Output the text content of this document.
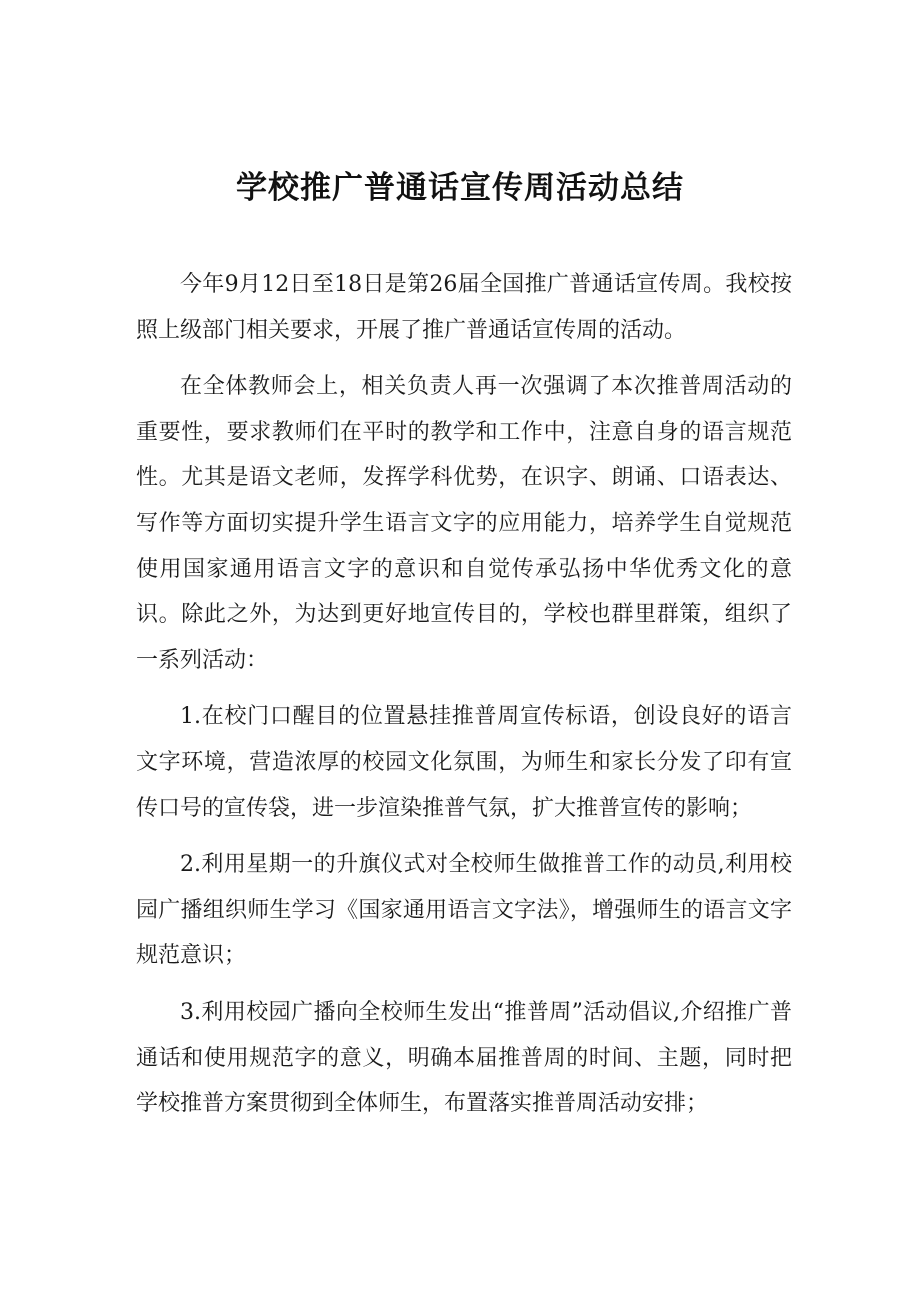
学校推广普通话宣传周活动总结

今年9月12日至18日是第26届全国推广普通话宣传周。我校按照上级部门相关要求，开展了推广普通话宣传周的活动。

在全体教师会上，相关负责人再一次强调了本次推普周活动的重要性，要求教师们在平时的教学和工作中，注意自身的语言规范性。尤其是语文老师，发挥学科优势，在识字、朗诵、口语表达、写作等方面切实提升学生语言文字的应用能力，培养学生自觉规范使用国家通用语言文字的意识和自觉传承弘扬中华优秀文化的意识。除此之外，为达到更好地宣传目的，学校也群里群策，组织了一系列活动：

1.在校门口醒目的位置悬挂推普周宣传标语，创设良好的语言文字环境，营造浓厚的校园文化氛围，为师生和家长分发了印有宣传口号的宣传袋，进一步渲染推普气氛，扩大推普宣传的影响；

2.利用星期一的升旗仪式对全校师生做推普工作的动员,利用校园广播组织师生学习《国家通用语言文字法》，增强师生的语言文字规范意识；

3.利用校园广播向全校师生发出“推普周”活动倡议,介绍推广普通话和使用规范字的意义，明确本届推普周的时间、主题，同时把学校推普方案贯彻到全体师生，布置落实推普周活动安排；
